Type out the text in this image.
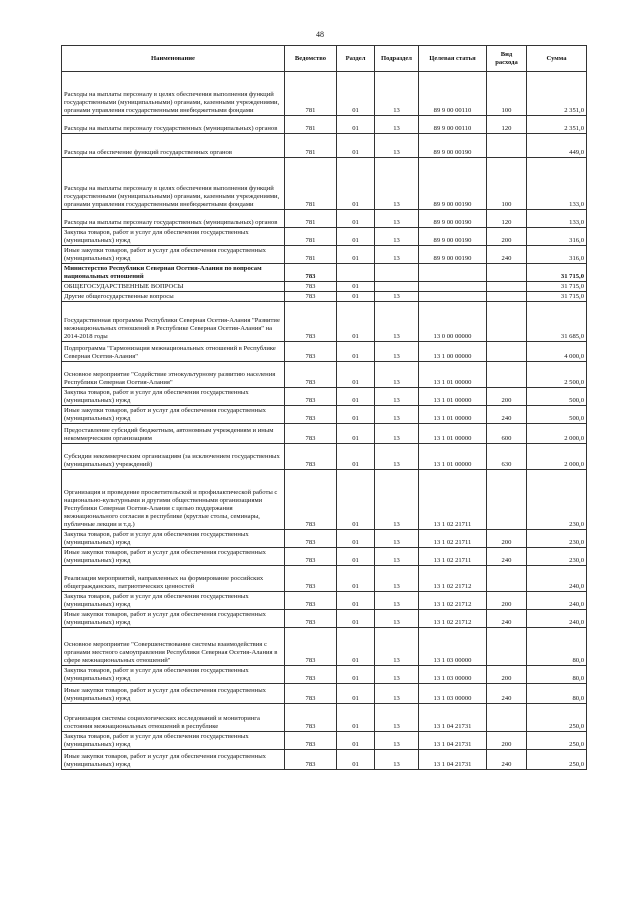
48
Наименование	Ведомство	Раздел	Подраздел	Целевая статья	Вид расхода	Сумма
Расходы на выплаты персоналу в целях обеспечения выполнения функций государственными (муниципальными) органами, казенными учреждениями, органами управления государственными внебюджетными фондами	781	01	13	89 9 00 00110	100	2 351,0
Расходы на выплаты персоналу государственных (муниципальных) органов	781	01	13	89 9 00 00110	120	2 351,0
Расходы на обеспечение функций государственных органов	781	01	13	89 9 00 00190		449,0
Расходы на выплаты персоналу в целях обеспечения выполнения функций государственными (муниципальными) органами, казенными учреждениями, органами управления государственными внебюджетными фондами	781	01	13	89 9 00 00190	100	133,0
Расходы на выплаты персоналу государственных (муниципальных) органов	781	01	13	89 9 00 00190	120	133,0
Закупка товаров, работ и услуг для обеспечения государственных (муниципальных) нужд	781	01	13	89 9 00 00190	200	316,0
Иные закупки товаров, работ и услуг для обеспечения государственных (муниципальных) нужд	781	01	13	89 9 00 00190	240	316,0
Министерство Республики Северная Осетия-Алания по вопросам национальных отношений	783					31 715,0
ОБЩЕГОСУДАРСТВЕННЫЕ ВОПРОСЫ	783	01				31 715,0
Другие общегосударственные вопросы	783	01	13			31 715,0
Государственная программа Республики Северная Осетия-Алания "Развитие межнациональных отношений в Республике Северная Осетия-Алания" на 2014-2018 годы	783	01	13	13 0 00 00000		31 685,0
Подпрограмма "Гармонизация межнациональных отношений в Республике Северная Осетия-Алания"	783	01	13	13 1 00 00000		4 000,0
Основное мероприятие "Содействие этнокультурному развитию населения Республики Северная Осетия-Алания"	783	01	13	13 1 01 00000		2 500,0
Закупка товаров, работ и услуг для обеспечения государственных (муниципальных) нужд	783	01	13	13 1 01 00000	200	500,0
Иные закупки товаров, работ и услуг для обеспечения государственных (муниципальных) нужд	783	01	13	13 1 01 00000	240	500,0
Предоставление субсидий бюджетным, автономным учреждениям и иным некоммерческим организациям	783	01	13	13 1 01 00000	600	2 000,0
Субсидии некоммерческим организациям (за исключением государственных (муниципальных) учреждений)	783	01	13	13 1 01 00000	630	2 000,0
Организация и проведение просветительской и профилактической работы с национально-культурными и другими общественными организациями Республики Северная Осетия-Алания с целью поддержания межнационального согласия в республике (круглые столы, семинары, публичные лекции и т.д.)	783	01	13	13 1 02 21711		230,0
Закупка товаров, работ и услуг для обеспечения государственных (муниципальных) нужд	783	01	13	13 1 02 21711	200	230,0
Иные закупки товаров, работ и услуг для обеспечения государственных (муниципальных) нужд	783	01	13	13 1 02 21711	240	230,0
Реализация мероприятий, направленных на формирование российских общегражданских, патриотических ценностей	783	01	13	13 1 02 21712		240,0
Закупка товаров, работ и услуг для обеспечения государственных (муниципальных) нужд	783	01	13	13 1 02 21712	200	240,0
Иные закупки товаров, работ и услуг для обеспечения государственных (муниципальных) нужд	783	01	13	13 1 02 21712	240	240,0
Основное мероприятие "Совершенствование системы взаимодействия с органами местного самоуправления Республики Северная Осетия-Алания в сфере межнациональных отношений"	783	01	13	13 1 03 00000		80,0
Закупка товаров, работ и услуг для обеспечения государственных (муниципальных) нужд	783	01	13	13 1 03 00000	200	80,0
Иные закупки товаров, работ и услуг для обеспечения государственных (муниципальных) нужд	783	01	13	13 1 03 00000	240	80,0
Организация системы социологических исследований и мониторинга состояния межнациональных отношений в республике	783	01	13	13 1 04 21731		250,0
Закупка товаров, работ и услуг для обеспечения государственных (муниципальных) нужд	783	01	13	13 1 04 21731	200	250,0
Иные закупки товаров, работ и услуг для обеспечения государственных (муниципальных) нужд	783	01	13	13 1 04 21731	240	250,0
